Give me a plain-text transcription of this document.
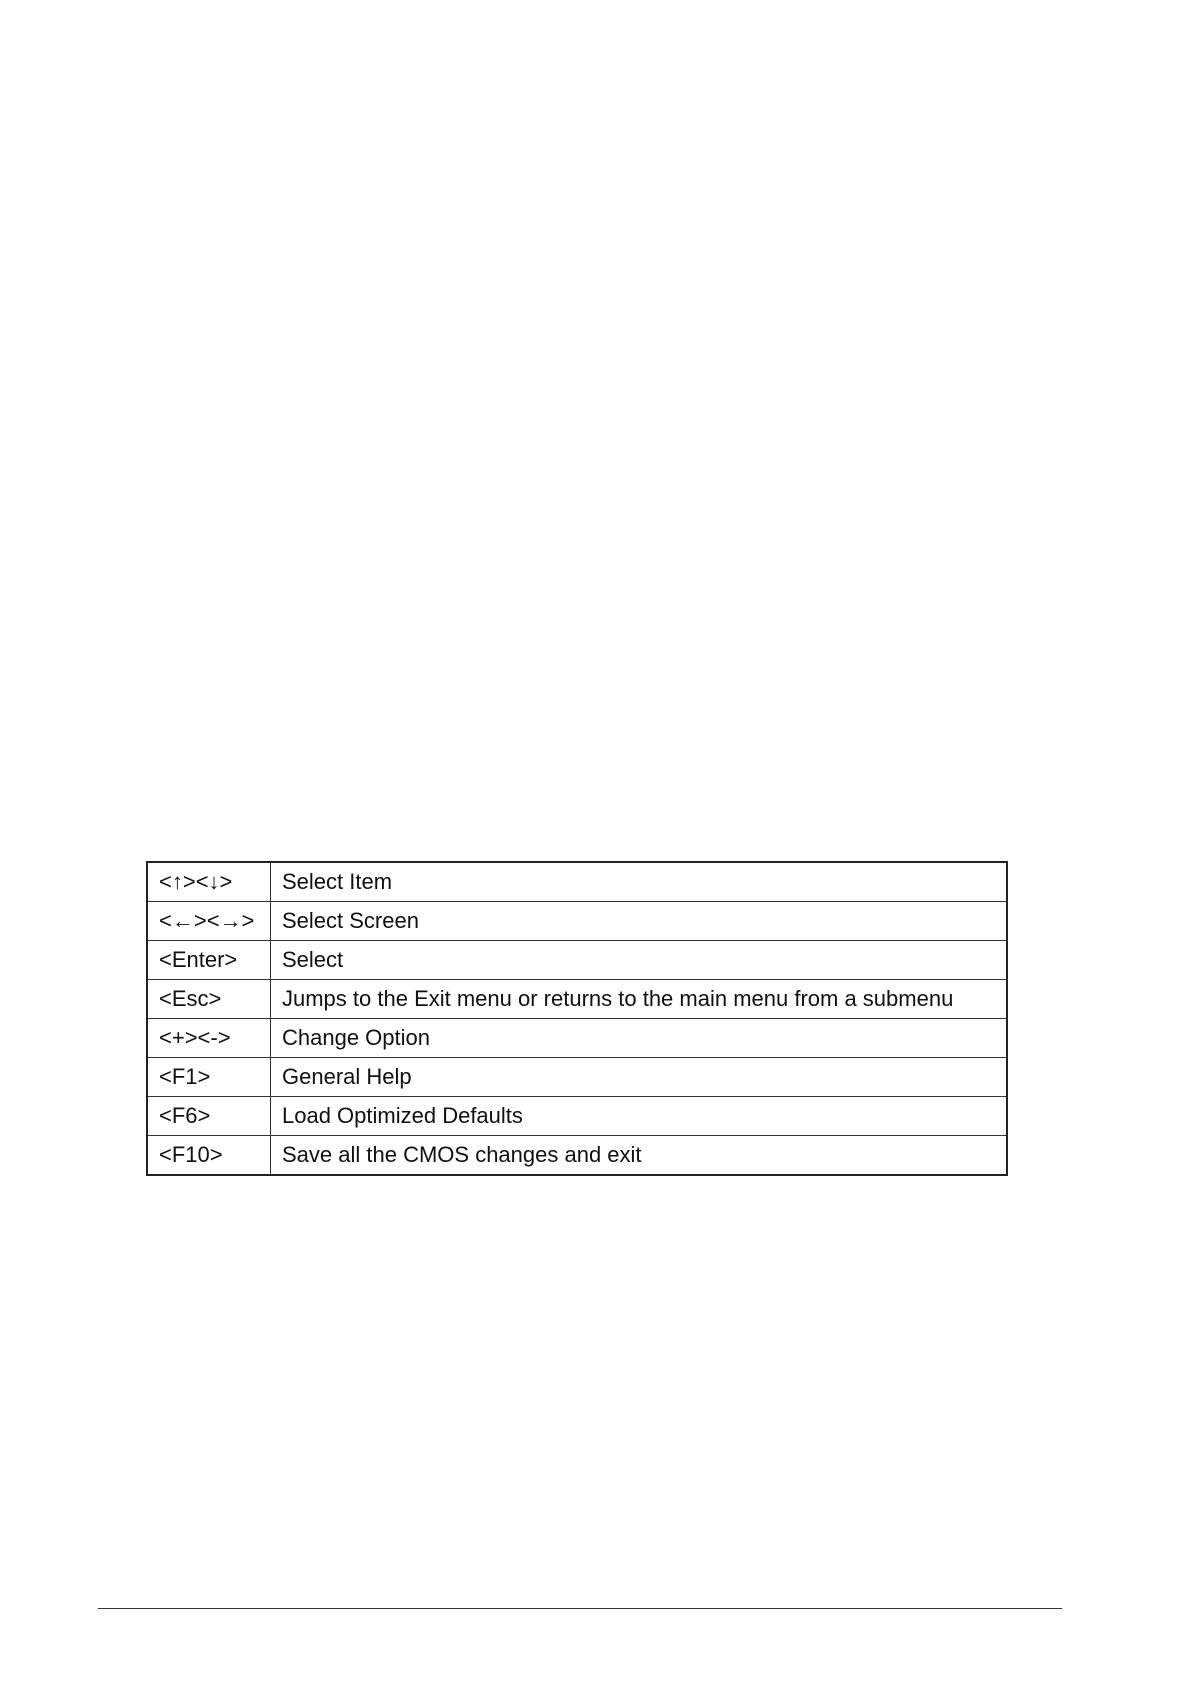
<↑><↓>	Select Item
<←><→>	Select Screen
<Enter>	Select
<Esc>	Jumps to the Exit menu or returns to the main menu from a submenu
<+><->	Change Option
<F1>	General Help
<F6>	Load Optimized Defaults
<F10>	Save all the CMOS changes and exit
